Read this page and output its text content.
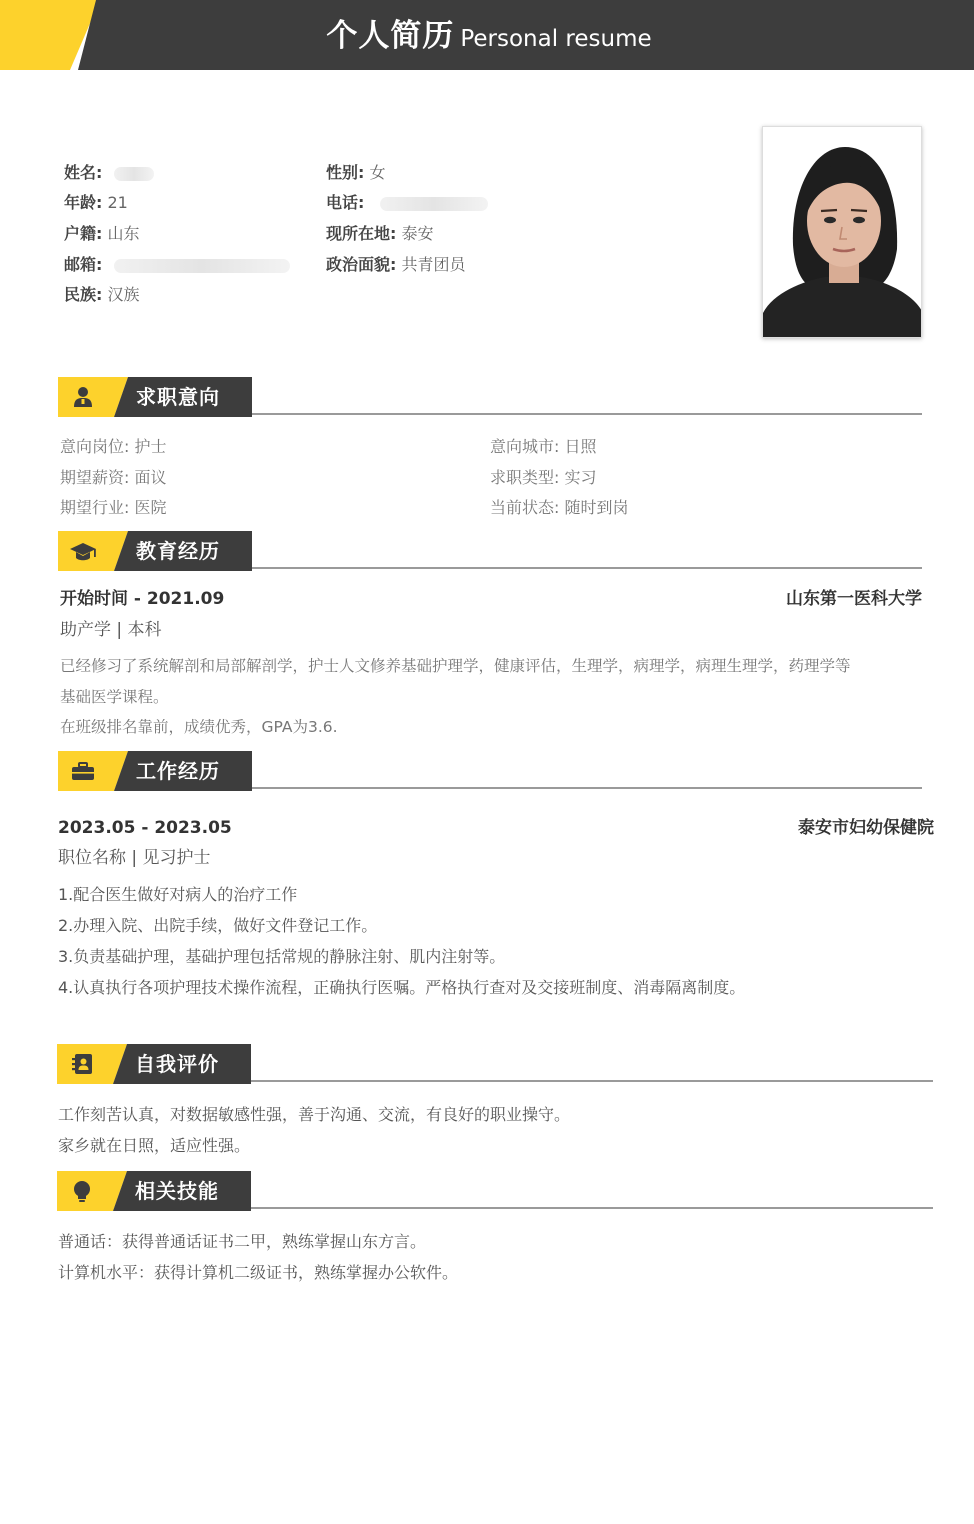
个人简历 Personal resume
姓名:	性别: 女
年龄: 21	电话:
户籍: 山东	现所在地: 泰安
邮箱:	政治面貌: 共青团员
民族: 汉族
求职意向
意向岗位: 护士	意向城市: 日照
期望薪资: 面议	求职类型: 实习
期望行业: 医院	当前状态: 随时到岗
教育经历
开始时间 - 2021.09	山东第一医科大学
助产学 | 本科
已经修习了系统解剖和局部解剖学，护士人文修养基础护理学，健康评估，生理学，病理学，病理生理学，药理学等
基础医学课程。
在班级排名靠前，成绩优秀，GPA为3.6.
工作经历
2023.05 - 2023.05	泰安市妇幼保健院
职位名称 | 见习护士
1.配合医生做好对病人的治疗工作
2.办理入院、出院手续，做好文件登记工作。
3.负责基础护理，基础护理包括常规的静脉注射、肌内注射等。
4.认真执行各项护理技术操作流程，正确执行医嘱。严格执行查对及交接班制度、消毒隔离制度。
自我评价
工作刻苦认真，对数据敏感性强，善于沟通、交流，有良好的职业操守。
家乡就在日照，适应性强。
相关技能
普通话：获得普通话证书二甲，熟练掌握山东方言。
计算机水平：获得计算机二级证书，熟练掌握办公软件。
